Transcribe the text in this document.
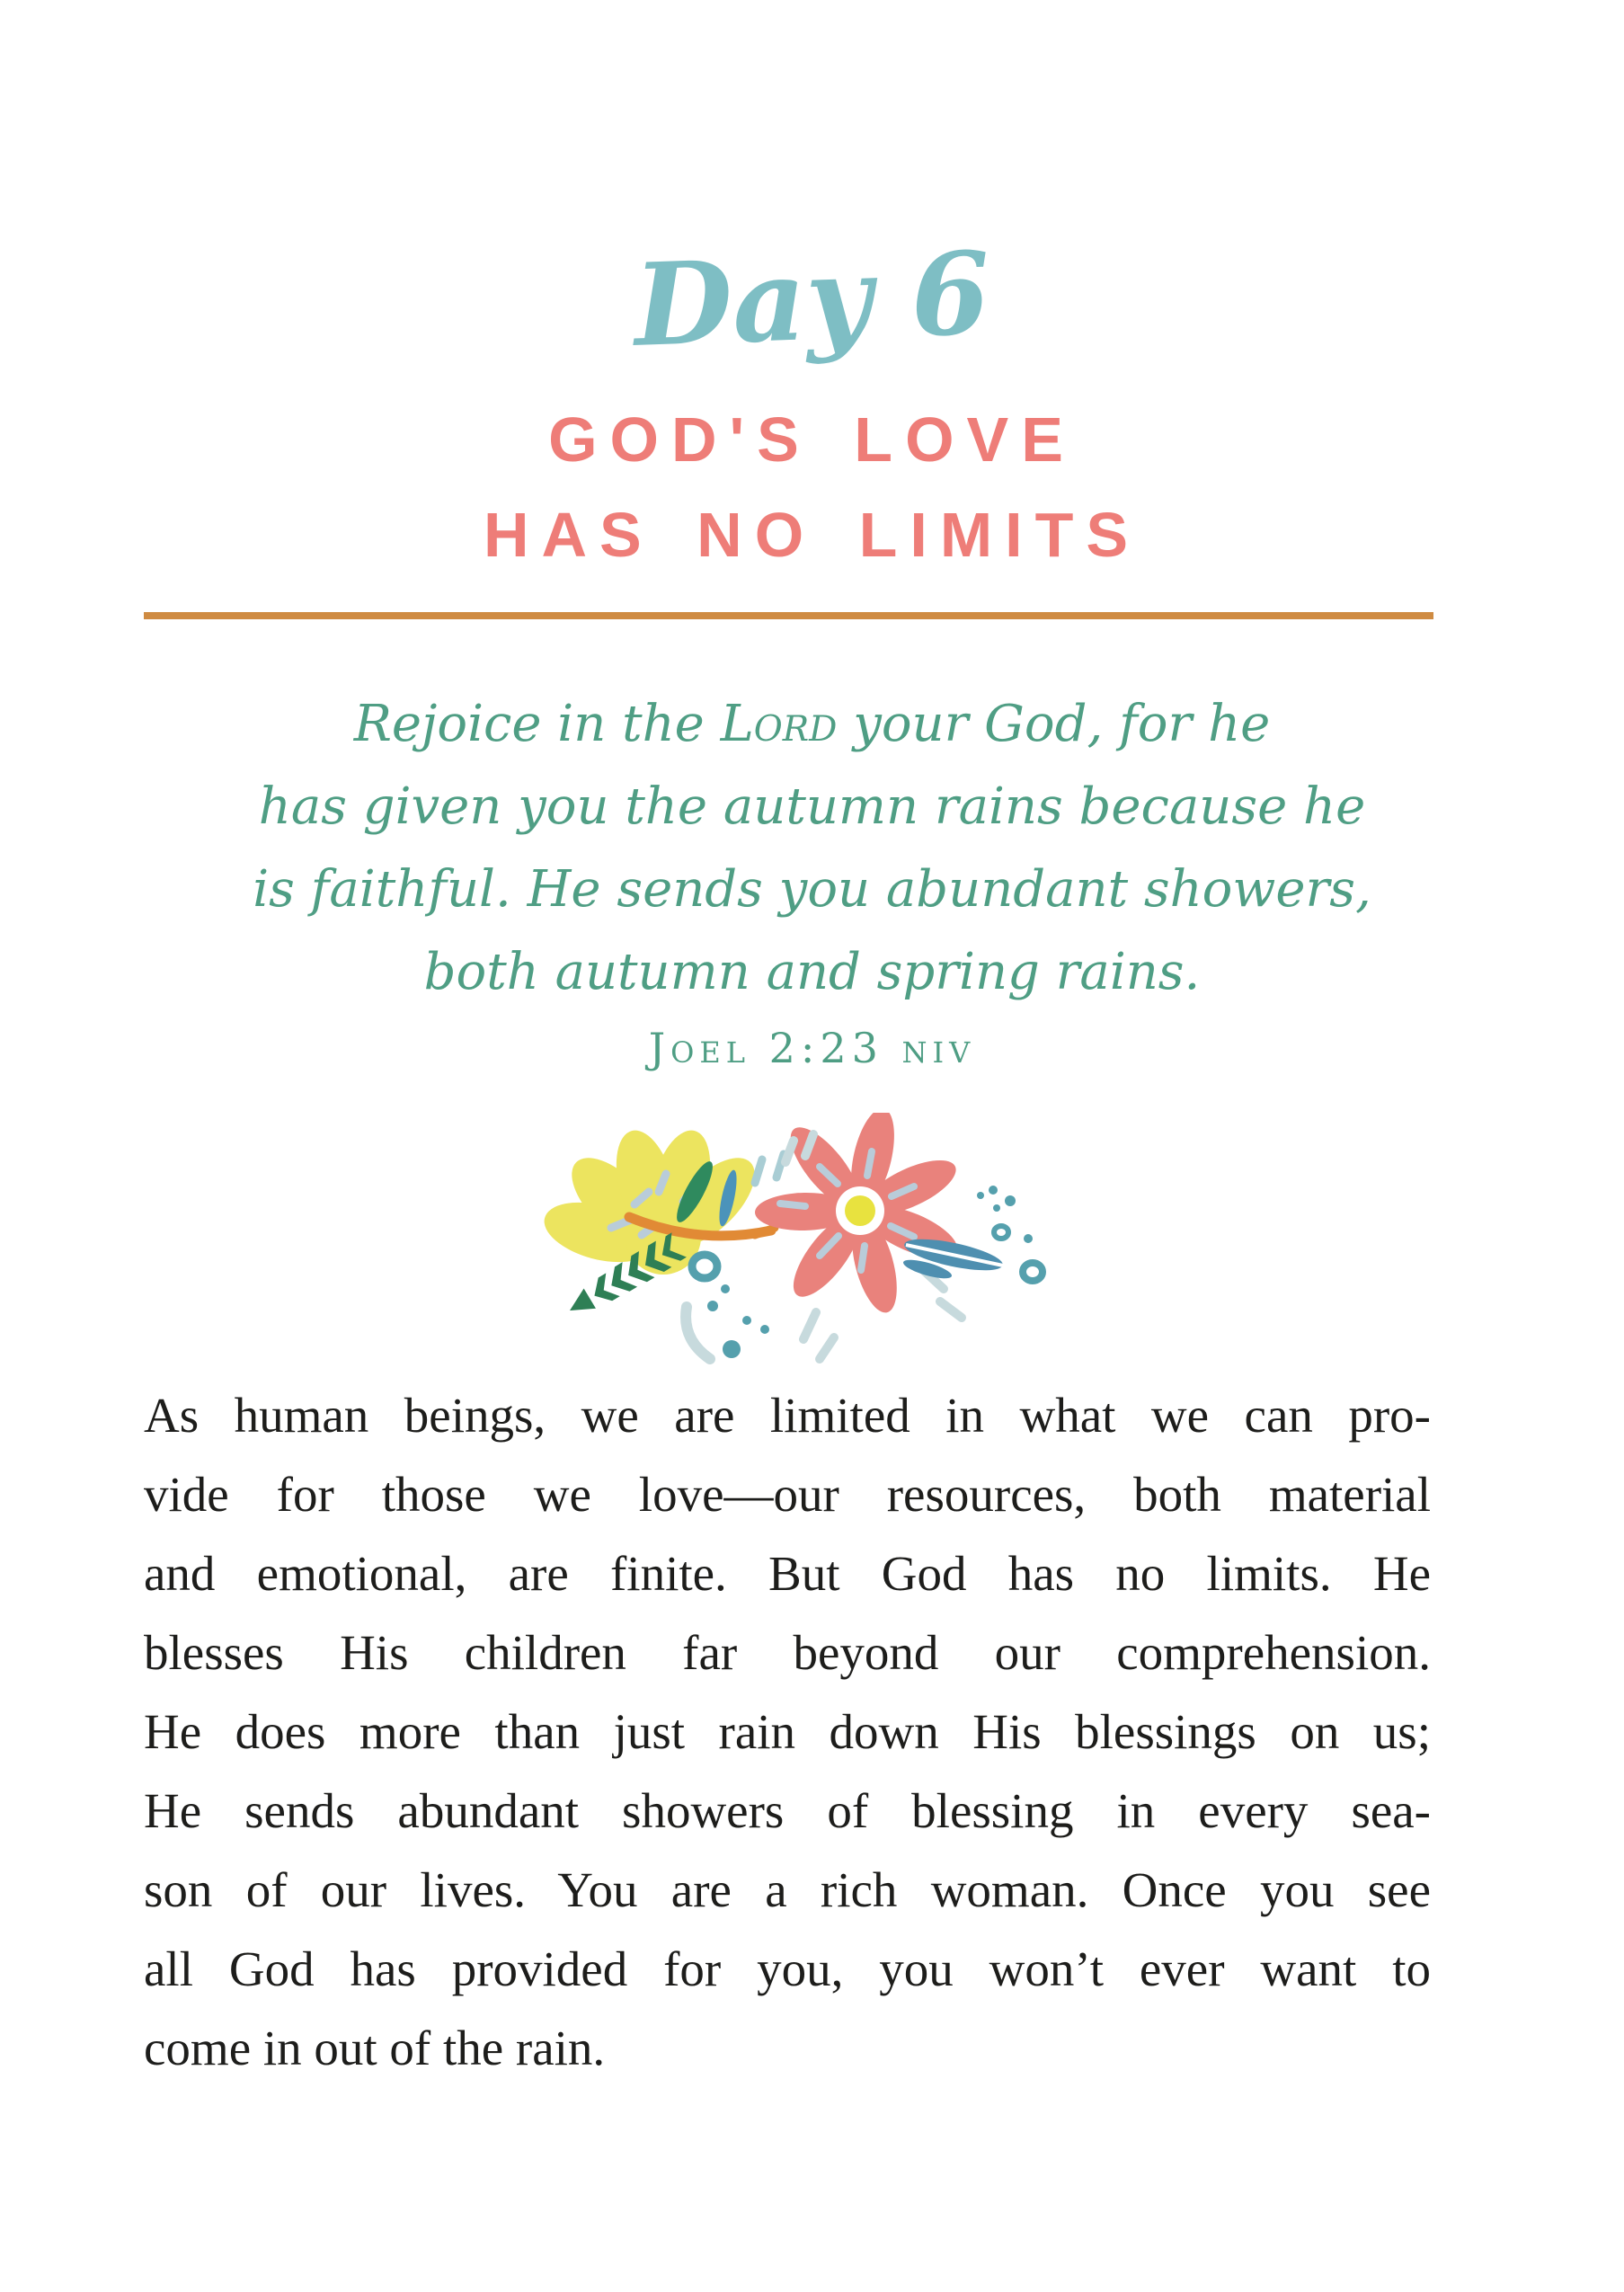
Day 6
GOD'S LOVE
HAS NO LIMITS
Rejoice in the Lord your God, for he
has given you the autumn rains because he
is faithful. He sends you abundant showers,
both autumn and spring rains.
Joel 2:23 niv
As human beings, we are limited in what we can pro-
vide for those we love—our resources, both material
and emotional, are finite. But God has no limits. He
blesses His children far beyond our comprehension.
He does more than just rain down His blessings on us;
He sends abundant showers of blessing in every sea-
son of our lives. You are a rich woman. Once you see
all God has provided for you, you won’t ever want to
come in out of the rain.
